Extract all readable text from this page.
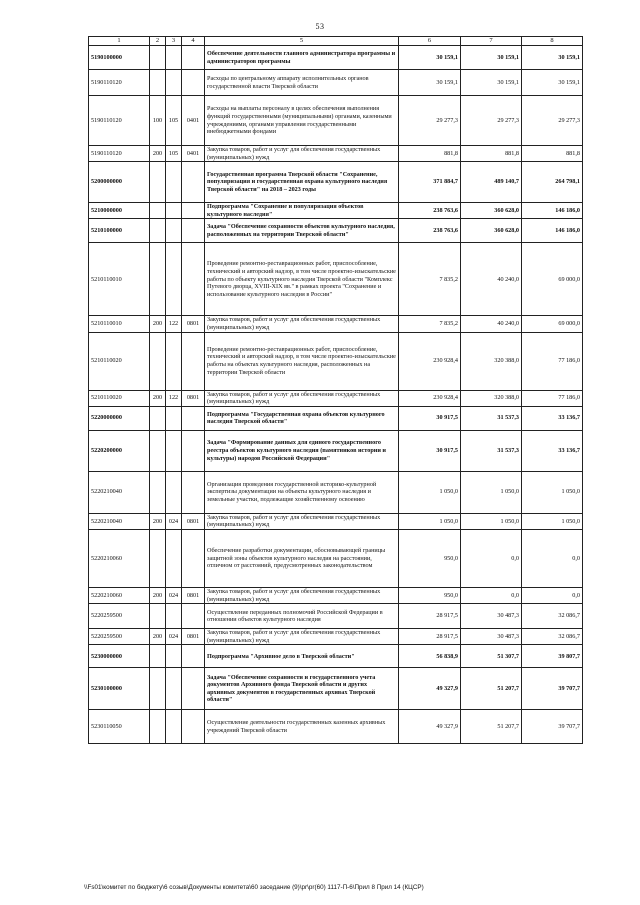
53
1	2	3	4	5	6	7	8
5190100000				Обеспечение деятельности главного администратора программы и администраторов программы	30 159,1	30 159,1	30 159,1
5190110120				Расходы по центральному аппарату исполнительных органов государственной власти Тверской области	30 159,1	30 159,1	30 159,1
5190110120	100	105	0401	Расходы на выплаты персоналу в целях обеспечения выполнения функций государственными (муниципальными) органами, казенными учреждениями, органами управления государственными внебюджетными фондами	29 277,3	29 277,3	29 277,3
5190110120	200	105	0401	Закупка товаров, работ и услуг для обеспечения государственных (муниципальных) нужд	881,8	881,8	881,8
5200000000				Государственная программа Тверской области "Сохранение, популяризация и государственная охрана культурного наследия Тверской области" на 2018 – 2023 годы	371 884,7	489 140,7	264 798,1
5210000000				Подпрограмма "Сохранение и популяризация объектов культурного наследия"	238 763,6	360 628,0	146 186,0
5210100000				Задача "Обеспечение сохранности объектов культурного наследия, расположенных на территории Тверской области"	238 763,6	360 628,0	146 186,0
5210110010				Проведение ремонтно-реставрационных работ, приспособление, технический и авторский надзор, в том числе проектно-изыскательские работы по объекту культурного наследия Тверской области "Комплекс Путевого дворца, XVIII-XIX вв." в рамках проекта "Сохранение и использование культурного наследия в России"	7 835,2	40 240,0	69 000,0
5210110010	200	122	0801	Закупка товаров, работ и услуг для обеспечения государственных (муниципальных) нужд	7 835,2	40 240,0	69 000,0
5210110020				Проведение ремонтно-реставрационных работ, приспособление, технический и авторский надзор, в том числе проектно-изыскательские работы на объектах культурного наследия, расположенных на территории Тверской области	230 928,4	320 388,0	77 186,0
5210110020	200	122	0801	Закупка товаров, работ и услуг для обеспечения государственных (муниципальных) нужд	230 928,4	320 388,0	77 186,0
5220000000				Подпрограмма "Государственная охрана объектов культурного наследия Тверской области"	30 917,5	31 537,3	33 136,7
5220200000				Задача "Формирование данных для единого государственного реестра объектов культурного наследия (памятников истории и культуры) народов Российской Федерации"	30 917,5	31 537,3	33 136,7
5220210040				Организация проведения государственной историко-культурной экспертизы документации на объекты культурного наследия и земельные участки, подлежащие хозяйственному освоению	1 050,0	1 050,0	1 050,0
5220210040	200	024	0801	Закупка товаров, работ и услуг для обеспечения государственных (муниципальных) нужд	1 050,0	1 050,0	1 050,0
5220210060				Обеспечение разработки документации, обосновывающей границы защитной зоны объектов культурного наследия на расстоянии, отличном от расстояний, предусмотренных законодательством	950,0	0,0	0,0
5220210060	200	024	0801	Закупка товаров, работ и услуг для обеспечения государственных (муниципальных) нужд	950,0	0,0	0,0
5220259500				Осуществление переданных полномочий Российской Федерации в отношении объектов культурного наследия	28 917,5	30 487,3	32 086,7
5220259500	200	024	0801	Закупка товаров, работ и услуг для обеспечения государственных (муниципальных) нужд	28 917,5	30 487,3	32 086,7
5230000000				Подпрограмма "Архивное дело в Тверской области"	56 838,9	51 307,7	39 807,7
5230100000				Задача "Обеспечение сохранности и государственного учета документов Архивного фонда Тверской области и других архивных документов в государственных архивах Тверской области"	49 327,9	51 207,7	39 707,7
5230110050				Осуществление деятельности государственных казенных архивных учреждений Тверской области	49 327,9	51 207,7	39 707,7
\\Fs01\комитет по бюджету\6 созыв\Документы комитета\60 заседание (9)\pr\pr(60) 1117-П-6\Прил 8 Прил 14 (КЦСР)
